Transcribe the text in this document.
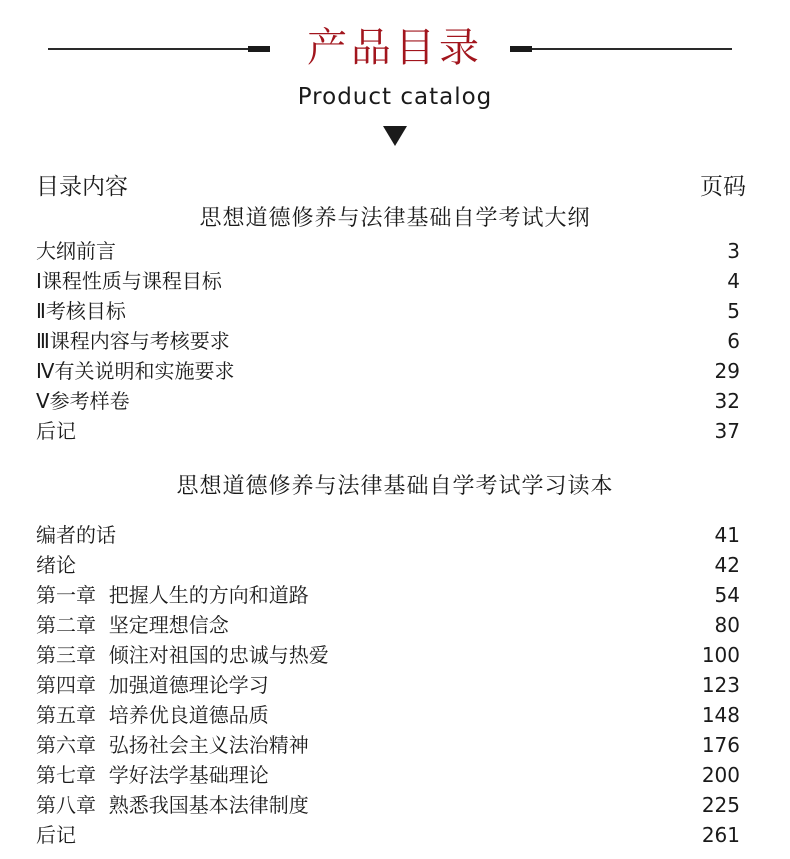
产品目录
Product catalog
目录内容	页码
思想道德修养与法律基础自学考试大纲
大纲前言	3
Ⅰ课程性质与课程目标	4
Ⅱ考核目标	5
Ⅲ课程内容与考核要求	6
Ⅳ有关说明和实施要求	29
V参考样卷	32
后记	37
思想道德修养与法律基础自学考试学习读本
编者的话	41
绪论	42
第一章  把握人生的方向和道路	54
第二章  坚定理想信念	80
第三章  倾注对祖国的忠诚与热爱	100
第四章  加强道德理论学习	123
第五章  培养优良道德品质	148
第六章  弘扬社会主义法治精神	176
第七章  学好法学基础理论	200
第八章  熟悉我国基本法律制度	225
后记	261
